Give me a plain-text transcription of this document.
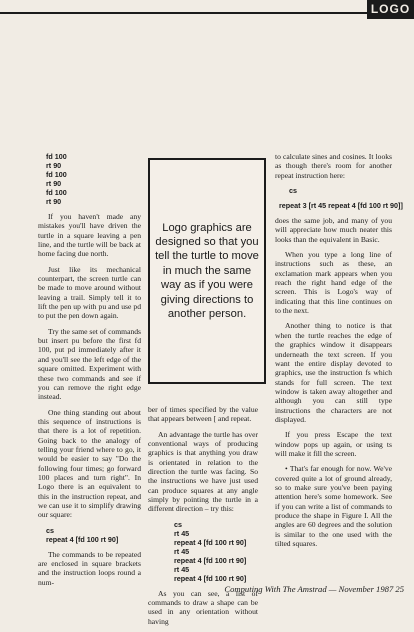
LOGO
fd 100
rt 90
fd 100
rt 90
fd 100
rt 90

If you haven't made any mistakes you'll have driven the turtle in a square leaving a pen line, and the turtle will be back at home facing due north.

Just like its mechanical counterpart, the screen turtle can be made to move around without leaving a trail. Simply tell it to lift the pen up with pu and use pd to put the pen down again.

Try the same set of commands but insert pu before the first fd 100, put pd immediately after it and you'll see the left edge of the square omitted. Experiment with these two commands and see if you can remove the right edge instead.

One thing standing out about this sequence of instructions is that there is a lot of repetition. Going back to the analogy of telling your friend where to go, it would be easier to say "Do the following four times; go forward 100 places and turn right". In Logo there is an equivalent to this in the instruction repeat, and we can use it to simplify drawing our square:

cs
repeat 4 [fd 100 rt 90]

The commands to be repeated are enclosed in square brackets and the instruction loops round a num-

Logo graphics are designed so that you tell the turtle to move in much the same way as if you were giving directions to another person.

ber of times specified by the value that appears between [ and repeat.

An advantage the turtle has over conventional ways of producing graphics is that anything you draw is orientated in relation to the direction the turtle was facing. So the instructions we have just used can produce squares at any angle simply by pointing the turtle in a different direction – try this:

cs
rt 45
repeat 4 [fd 100 rt 90]
rt 45
repeat 4 [fd 100 rt 90]
rt 45
repeat 4 [fd 100 rt 90]

As you can see, a list of commands to draw a shape can be used in any orientation without having

to calculate sines and cosines. It looks as though there's room for another repeat instruction here:

cs
repeat 3 [rt 45 repeat 4 [fd 100 rt 90]]

does the same job, and many of you will appreciate how much neater this looks than the equivalent in Basic.

When you type a long line of instructions such as these, an exclamation mark appears when you reach the right hand edge of the screen. This is Logo's way of indicating that this line continues on to the next.

Another thing to notice is that when the turtle reaches the edge of the graphics window it disappears underneath the text screen. If you want the entire display devoted to graphics, use the instruction fs which stands for full screen. The text window is taken away altogether and although you can still type instructions the characters are not displayed.

If you press Escape the text window pops up again, or using ts will make it fill the screen.

• That's far enough for now. We've covered quite a lot of ground already, so to make sure you've been paying attention here's some homework. See if you can write a list of commands to produce the shape in Figure I. All the angles are 60 degrees and the solution is similar to the one used with the tilted squares.

Computing With The Amstrad — November 1987 25
